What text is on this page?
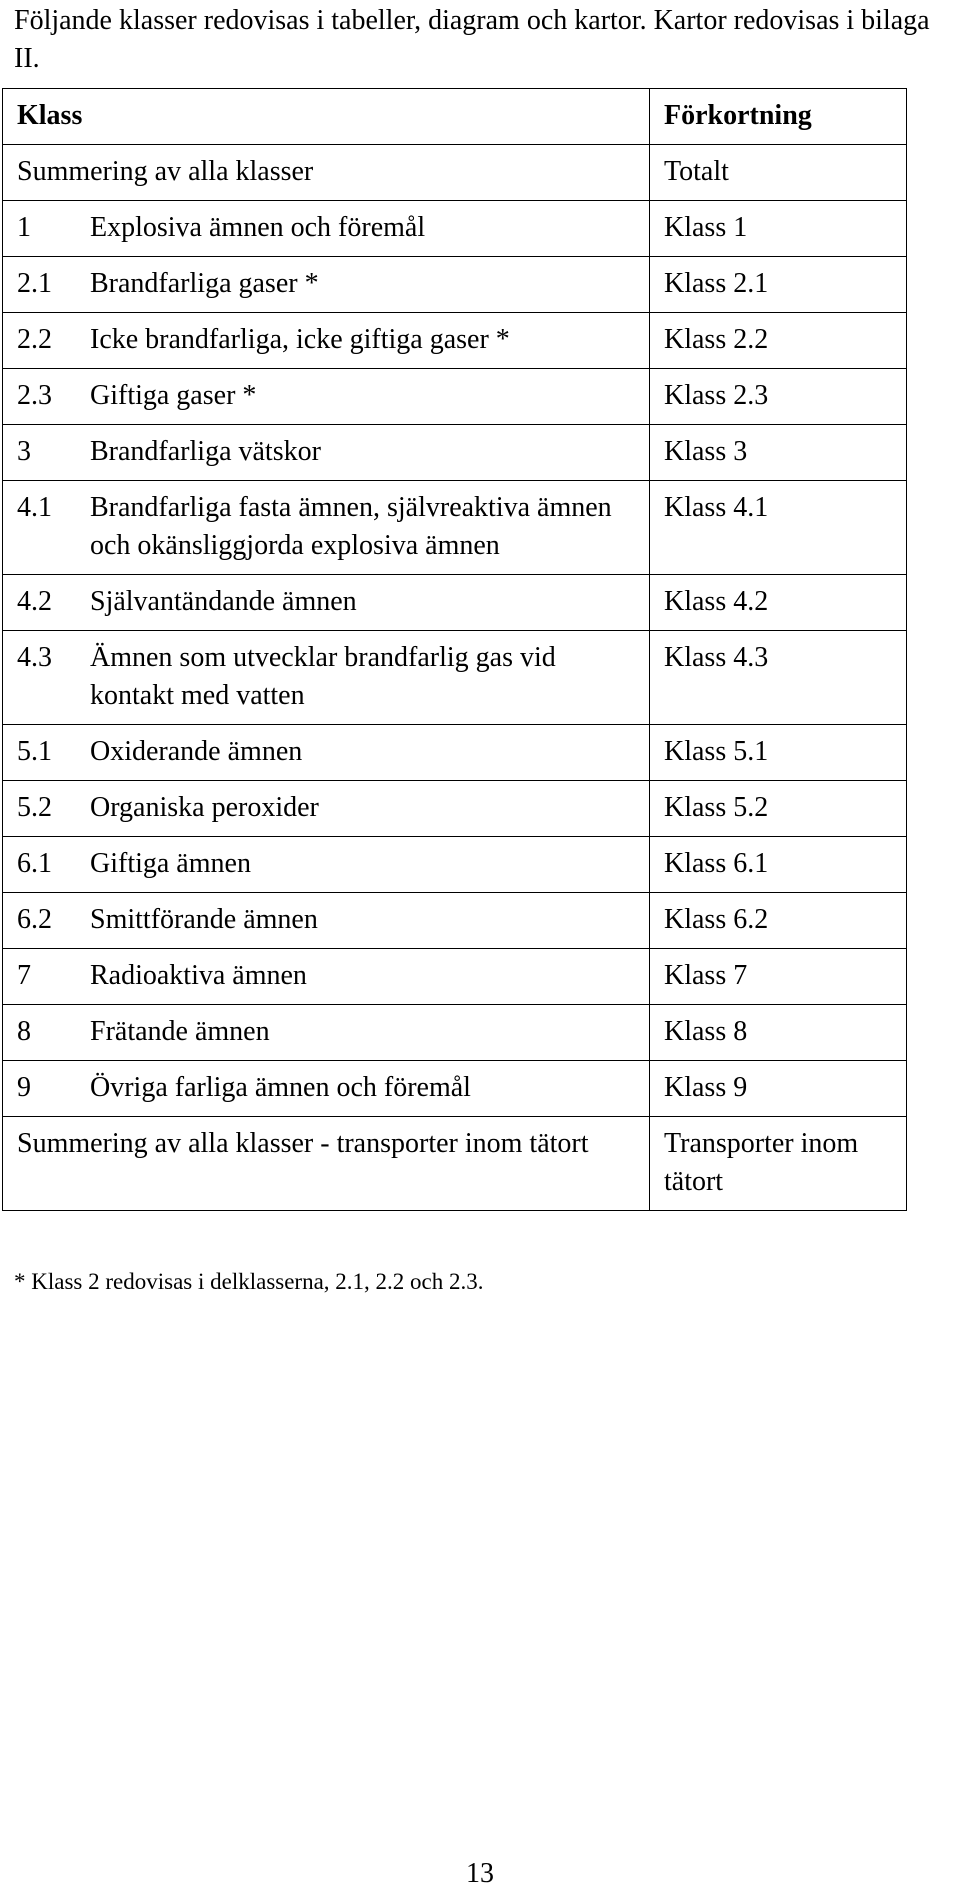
Följande klasser redovisas i tabeller, diagram och kartor. Kartor redovisas i bilaga II.

Klass	Förkortning
Summering av alla klasser	Totalt

1 Explosiva ämnen och föremål	Klass 1

2.1 Brandfarliga gaser *	Klass 2.1

2.2 Icke brandfarliga, icke giftiga gaser *	Klass 2.2

2.3 Giftiga gaser *	Klass 2.3

3 Brandfarliga vätskor	Klass 3

4.1 Brandfarliga fasta ämnen, självreaktiva ämnen och okänsliggjorda explosiva ämnen	Klass 4.1

4.2 Självantändande ämnen	Klass 4.2

4.3 Ämnen som utvecklar brandfarlig gas vid kontakt med vatten	Klass 4.3

5.1 Oxiderande ämnen	Klass 5.1

5.2 Organiska peroxider	Klass 5.2

6.1 Giftiga ämnen	Klass 6.1

6.2 Smittförande ämnen	Klass 6.2

7 Radioaktiva ämnen	Klass 7

8 Frätande ämnen	Klass 8

9 Övriga farliga ämnen och föremål	Klass 9
Summering av alla klasser - transporter inom tätort	Transporter inom tätort

* Klass 2 redovisas i delklasserna, 2.1, 2.2 och 2.3.

13
